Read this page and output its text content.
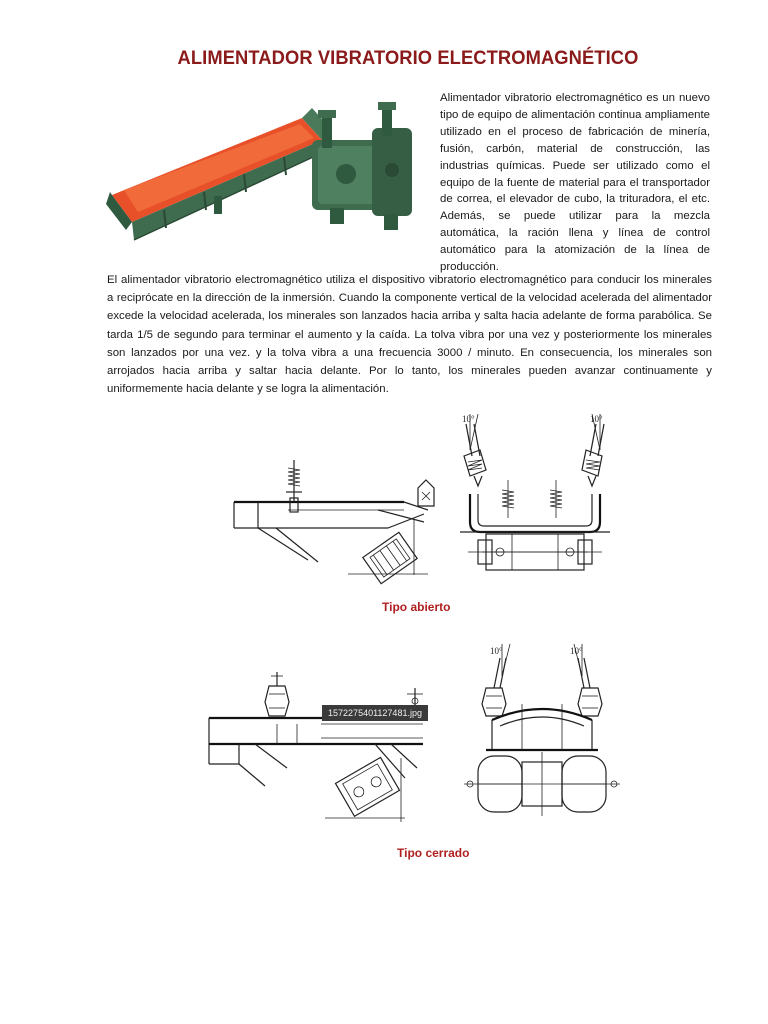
ALIMENTADOR VIBRATORIO ELECTROMAGNÉTICO
Alimentador vibratorio electromagnético es un nuevo tipo de equipo de alimentación continua ampliamente utilizado en el proceso de fabricación de minería, fusión, carbón, material de construcción, las industrias químicas. Puede ser utilizado como el equipo de la fuente de material para el transportador de correa, el elevador de cubo, la trituradora, el etc. Además, se puede utilizar para la mezcla automática, la ración llena y línea de control automático para la atomización de la línea de producción.
El alimentador vibratorio electromagnético utiliza el dispositivo vibratorio electromagnético para conducir los minerales a reciprócate en la dirección de la inmersión. Cuando la componente vertical de la velocidad acelerada del alimentador excede la velocidad acelerada, los minerales son lanzados hacia arriba y salta hacia adelante de forma parabólica. Se tarda 1/5 de segundo para terminar el aumento y la caída. La tolva vibra por una vez y posteriormente los minerales son lanzados por una vez. y la tolva vibra a una frecuencia 3000 / minuto. En consecuencia, los minerales son arrojados hacia arriba y saltar hacia delante. Por lo tanto, los minerales pueden avanzar continuamente y uniformemente hacia delante y se logra la alimentación.
10°	10°
Tipo abierto
1572275401127481.jpg
10°	10°
Tipo cerrado
